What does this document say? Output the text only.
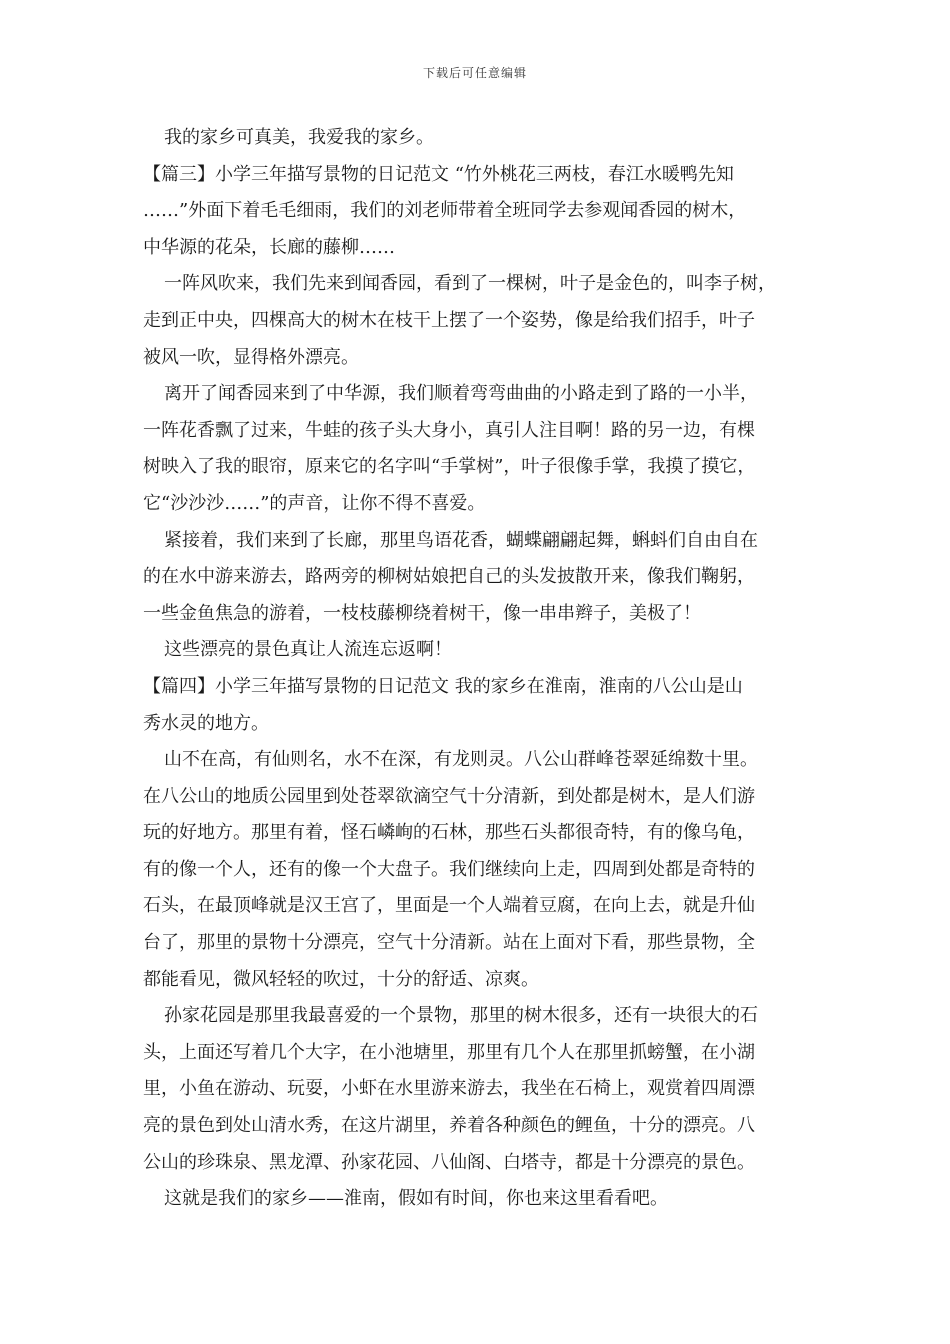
下载后可任意编辑
我的家乡可真美，我爱我的家乡。
【篇三】小学三年描写景物的日记范文 “竹外桃花三两枝，春江水暖鸭先知
……”外面下着毛毛细雨，我们的刘老师带着全班同学去参观闻香园的树木，
中华源的花朵，长廊的藤柳……
一阵风吹来，我们先来到闻香园，看到了一棵树，叶子是金色的，叫李子树，
走到正中央，四棵高大的树木在枝干上摆了一个姿势，像是给我们招手，叶子
被风一吹，显得格外漂亮。
离开了闻香园来到了中华源，我们顺着弯弯曲曲的小路走到了路的一小半，
一阵花香飘了过来，牛蛙的孩子头大身小，真引人注目啊！路的另一边，有棵
树映入了我的眼帘，原来它的名字叫“手掌树”，叶子很像手掌，我摸了摸它，
它“沙沙沙……”的声音，让你不得不喜爱。
紧接着，我们来到了长廊，那里鸟语花香，蝴蝶翩翩起舞，蝌蚪们自由自在
的在水中游来游去，路两旁的柳树姑娘把自己的头发披散开来，像我们鞠躬，
一些金鱼焦急的游着，一枝枝藤柳绕着树干，像一串串辫子，美极了！
这些漂亮的景色真让人流连忘返啊！
【篇四】小学三年描写景物的日记范文 我的家乡在淮南，淮南的八公山是山
秀水灵的地方。
山不在高，有仙则名，水不在深，有龙则灵。八公山群峰苍翠延绵数十里。
在八公山的地质公园里到处苍翠欲滴空气十分清新，到处都是树木，是人们游
玩的好地方。那里有着，怪石嶙峋的石林，那些石头都很奇特，有的像乌龟，
有的像一个人，还有的像一个大盘子。我们继续向上走，四周到处都是奇特的
石头，在最顶峰就是汉王宫了，里面是一个人端着豆腐，在向上去，就是升仙
台了，那里的景物十分漂亮，空气十分清新。站在上面对下看，那些景物，全
都能看见，微风轻轻的吹过，十分的舒适、凉爽。
孙家花园是那里我最喜爱的一个景物，那里的树木很多，还有一块很大的石
头，上面还写着几个大字，在小池塘里，那里有几个人在那里抓螃蟹，在小湖
里，小鱼在游动、玩耍，小虾在水里游来游去，我坐在石椅上，观赏着四周漂
亮的景色到处山清水秀，在这片湖里，养着各种颜色的鲤鱼，十分的漂亮。八
公山的珍珠泉、黑龙潭、孙家花园、八仙阁、白塔寺，都是十分漂亮的景色。
这就是我们的家乡——淮南，假如有时间，你也来这里看看吧。
